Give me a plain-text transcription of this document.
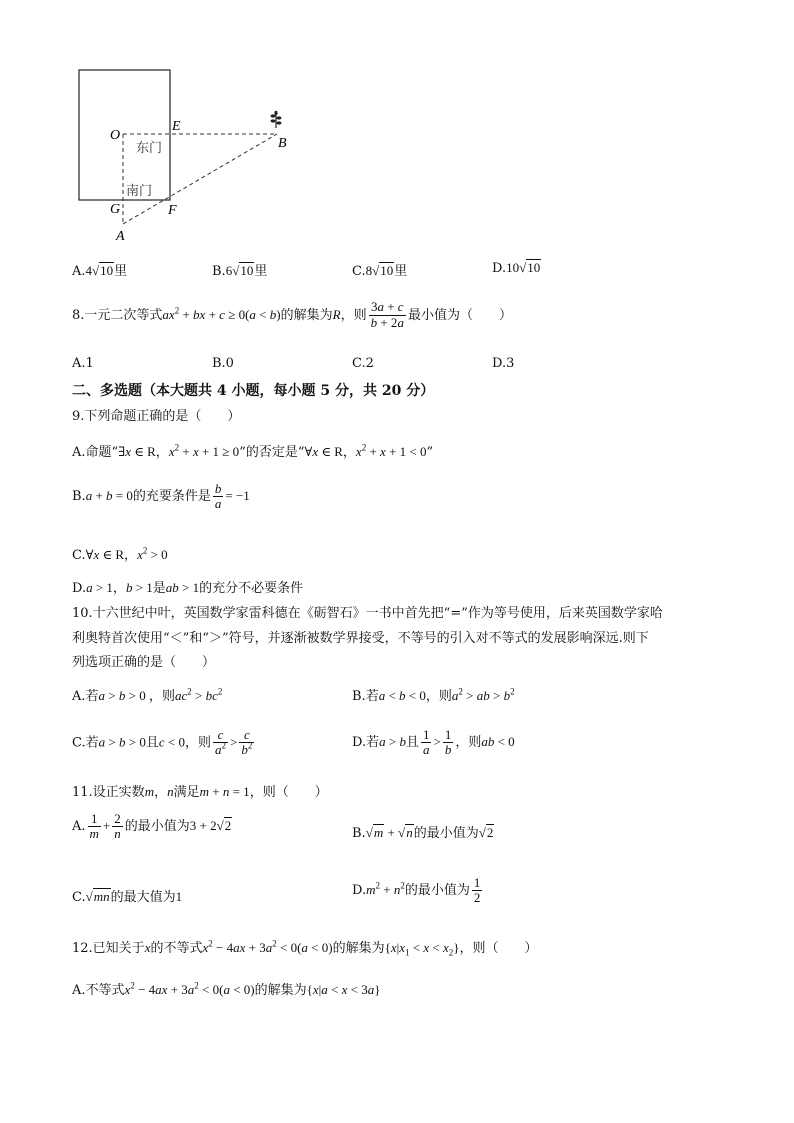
O
E
B
G	F
A
东门
南门
A.4√10里	B.6√10里	C.8√10里	D.10√10
8.一元二次等式$ax^2$ + bx + c ≥ 0(a < b)的解集为R，则 $\frac{3a + c}{b + 2a}$ 最小值为（　　）
A.1	B.0	C.2	D.3
二、多选题（本大题共 4 小题，每小题 5 分，共 20 分）
9.下列命题正确的是（　　）
A.命题“∃x ∈ R，$x^2 + x + 1 \ge 0$”的否定是“∀x ∈ R，$x^2 + x + 1 < 0$”
B.a + b = 0的充要条件是 $\frac{b}{a} = -1$
C.∀x ∈ R，$x^2 > 0$
D.a > 1，b > 1是ab > 1的充分不必要条件
10.十六世纪中叶，英国数学家雷科德在《砺智石》一书中首先把“=”作为等号使用，后来英国数学家哈
利奥特首次使用“＜”和“＞”符号，并逐渐被数学界接受，不等号的引入对不等式的发展影响深远.则下
列选项正确的是（　　）
A.若a > b > 0 ，则$ac^2 > bc^2$	B.若a < b < 0，则$a^2$ > ab > $b^2$
C.若a > b > 0且c < 0，则 $\frac{c}{a^2} > \frac{c}{b^2}$	D.若a > b且 $\frac{1}{a} > \frac{1}{b}$ ，则ab < 0
11.设正实数m，n满足m + n = 1，则（　　）
A. $\frac{1}{m} + \frac{2}{n}$ 的最小值为3 + 2√2
B.√m + √n的最小值为√2
C.√mn的最大值为1	$D.m^2 + n^2$的最小值为 $\frac{1}{2}$
12.已知关于x的不等式$x^2 - 4ax + 3a^2 < 0(a < 0)$的解集为$\{x|x_1 < x < x_2\}$，则（　　）
A.不等式$x^2 - 4ax + 3a^2 < 0(a < 0)$的解集为{x|a < x < 3a}
